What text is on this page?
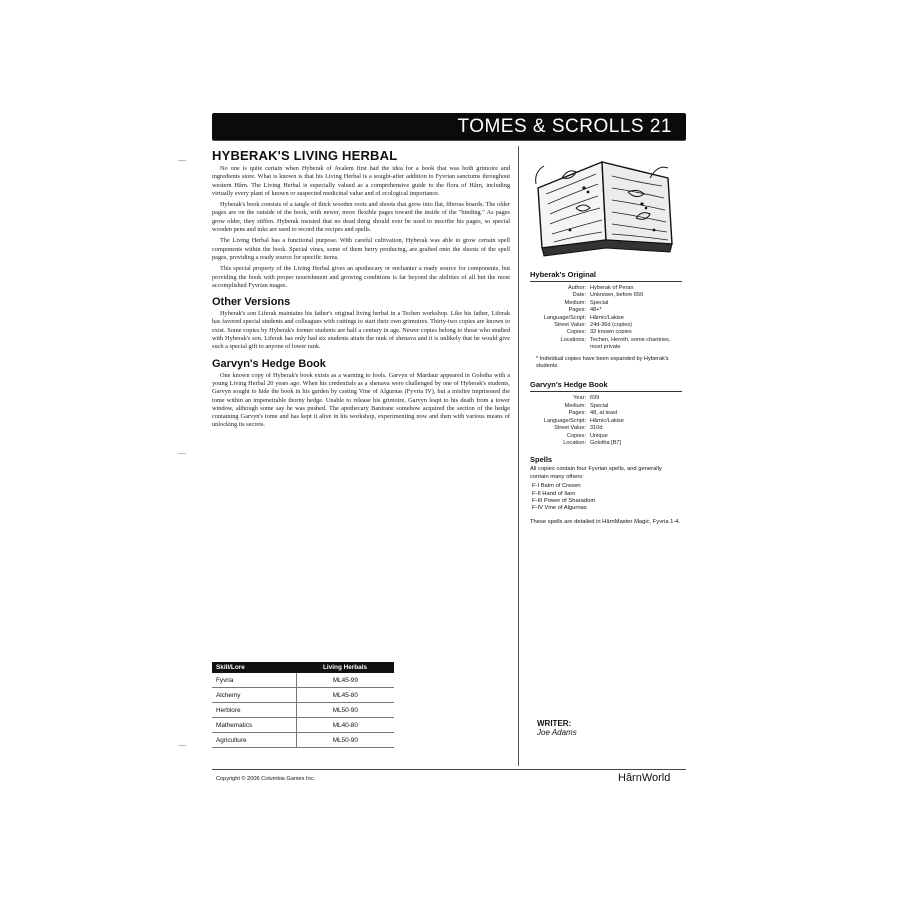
TOMES & SCROLLS 21
HYBERAK'S LIVING HERBAL

No one is quite certain when Hyberak of Avalem first had the idea for a book that was both grimoire and ingredients store. What is known is that his Living Herbal is a sought-after addition to Fyvrian sanctums throughout western Hârn. The Living Herbal is especially valued as a comprehensive guide to the flora of Hârn, including virtually every plant of known or suspected medicinal value and of ecological importance.

Hyberak's book consists of a tangle of thick wooden roots and shoots that grow into flat, fibrous boards. The older pages are on the outside of the book, with newer, more flexible pages toward the inside of the "binding." As pages grow older, they stiffen. Hyberak insisted that no dead thing should ever be used to inscribe his pages, so special wooden pens and inks are used to record the recipes and spells.

The Living Herbal has a functional purpose. With careful cultivation, Hyberak was able to grow certain spell components within the book. Special vines, some of them berry producing, are grafted onto the shoots of the spell pages, providing a ready source for specific items.

This special property of the Living Herbal gives an apothecary or enchanter a ready source for components, but providing the book with proper nourishment and growing conditions is far beyond the abilities of all but the most accomplished Fyvrian mages.

Other Versions

Hyberak's son Liferak maintains his father's original living herbal in a Techen workshop. Like his father, Liferak has favored special students and colleagues with cuttings to start their own grimoires. Thirty-two copies are known to exist. Some copies by Hyberak's former students are half a century in age. Newer copies belong to those who studied with Hyberak's son. Liferak has only had six students attain the rank of shenava and it is unlikely that he would give such a special gift to anyone of lower rank.

Garvyn's Hedge Book

One known copy of Hyberak's book exists as a warning to fools. Garvyn of Mardaur appeared in Golotha with a young Living Herbal 20 years ago. When his credentials as a shenava were challenged by one of Hyberak's students, Garvyn sought to hide the book in his garden by casting Vine of Algurnas (Fyvria IV), but a misfire imprisoned the tome within an impenetrable thorny hedge. Unable to release his grimoire, Garvyn leapt to his death from a tower window, although some say he was pushed. The apothecary Banirane somehow acquired the section of the hedge containing Garvyn's tome and has kept it alive in his workshop, experimenting now and then with various means of unlocking its secrets.

Skill/Lore	Living Herbals
Fyvria	ML45-99
Alchemy	ML45-80
Herblore	ML50-90
Mathematics	ML40-80
Agriculture	ML50-90
Hyberak's Original
Author: Hyberak of Peran
Date: Unknown, before 650
Medium: Special
Pages: 48+*
Language/Script: Hârnic/Lakise
Street Value: 24d-36d (copies)
Copies: 32 known copies
Locations: Techen, Heroth, some chantries, most private
* Individual copies have been expanded by Hyberak's students.
Garvyn's Hedge Book
Year: 699
Medium: Special
Pages: 48, at least
Language/Script: Hârnic/Lakise
Street Value: 310d
Copies: Unique
Location: Golotha [B7]
Spells
All copies contain four Fyvrian spells, and generally contain many others:
F-I Balm of Cresen
F-II Hand of Ilarn
F-III Power of Sharadom
F-IV Vine of Algurnas
These spells are detailed in HârnMaster Magic, Fyvria 1-4.
WRITER:
Joe Adams
Copyright © 2006 Columbia Games Inc.	HârnWorld
